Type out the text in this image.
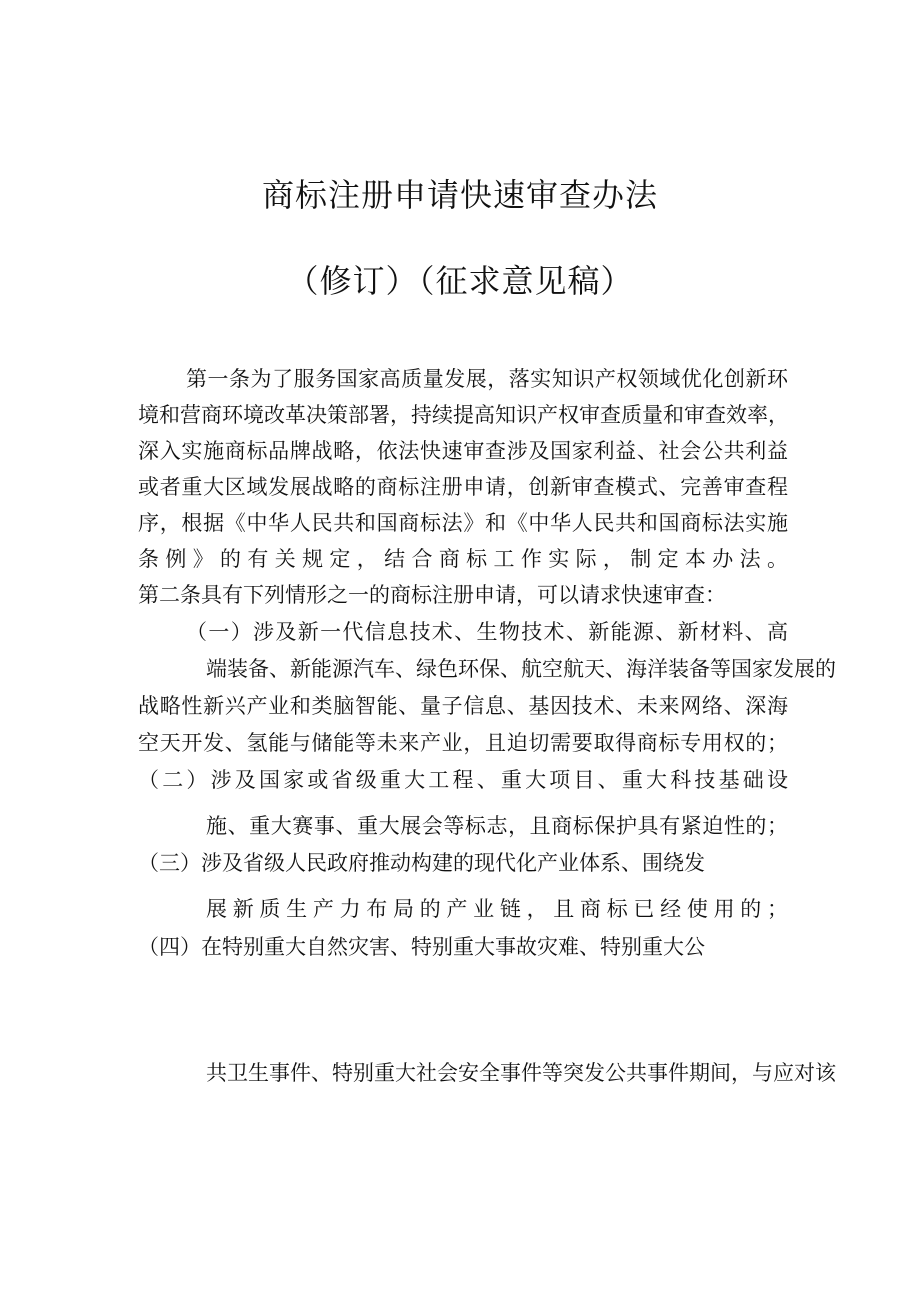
商标注册申请快速审查办法
（修订）（征求意见稿）
第一条为了服务国家高质量发展，落实知识产权领域优化创新环
境和营商环境改革决策部署，持续提高知识产权审查质量和审查效率，
深入实施商标品牌战略，依法快速审查涉及国家利益、社会公共利益
或者重大区域发展战略的商标注册申请，创新审查模式、完善审查程
序，根据《中华人民共和国商标法》和《中华人民共和国商标法实施
条例》的有关规定，结合商标工作实际，制定本办法。
第二条具有下列情形之一的商标注册申请，可以请求快速审查：
（一）涉及新一代信息技术、生物技术、新能源、新材料、高
端装备、新能源汽车、绿色环保、航空航天、海洋装备等国家发展的
战略性新兴产业和类脑智能、量子信息、基因技术、未来网络、深海
空天开发、氢能与储能等未来产业，且迫切需要取得商标专用权的；
（二）涉及国家或省级重大工程、重大项目、重大科技基础设
施、重大赛事、重大展会等标志，且商标保护具有紧迫性的；
（三）涉及省级人民政府推动构建的现代化产业体系、围绕发
展新质生产力布局的产业链，且商标已经使用的；
（四）在特别重大自然灾害、特别重大事故灾难、特别重大公
共卫生事件、特别重大社会安全事件等突发公共事件期间，与应对该
